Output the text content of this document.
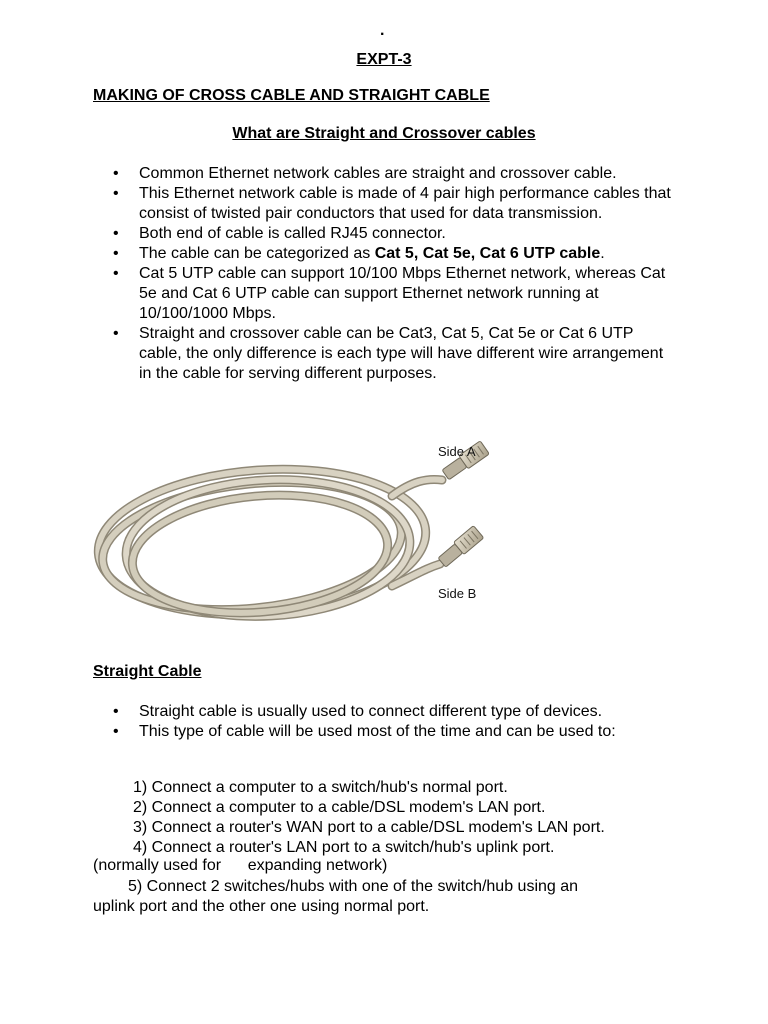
.
EXPT-3
MAKING OF CROSS CABLE AND STRAIGHT CABLE
What are Straight and Crossover cables
• Common Ethernet network cables are straight and crossover cable.
• This Ethernet network cable is made of 4 pair high performance cables that consist of twisted pair conductors that used for data transmission.
• Both end of cable is called RJ45 connector.
• The cable can be categorized as Cat 5, Cat 5e, Cat 6 UTP cable.
• Cat 5 UTP cable can support 10/100 Mbps Ethernet network, whereas Cat 5e and Cat 6 UTP cable can support Ethernet network running at 10/100/1000 Mbps.
• Straight and crossover cable can be Cat3, Cat 5, Cat 5e or Cat 6 UTP cable, the only difference is each type will have different wire arrangement in the cable for serving different purposes.
Side A
Side B
Straight Cable
• Straight cable is usually used to connect different type of devices.
• This type of cable will be used most of the time and can be used to:
1) Connect a computer to a switch/hub's normal port.
2) Connect a computer to a cable/DSL modem's LAN port.
3) Connect a router's WAN port to a cable/DSL modem's LAN port.
4) Connect a router's LAN port to a switch/hub's uplink port.
(normally used for      expanding network)
5) Connect 2 switches/hubs with one of the switch/hub using an
uplink port and the other one using normal port.
